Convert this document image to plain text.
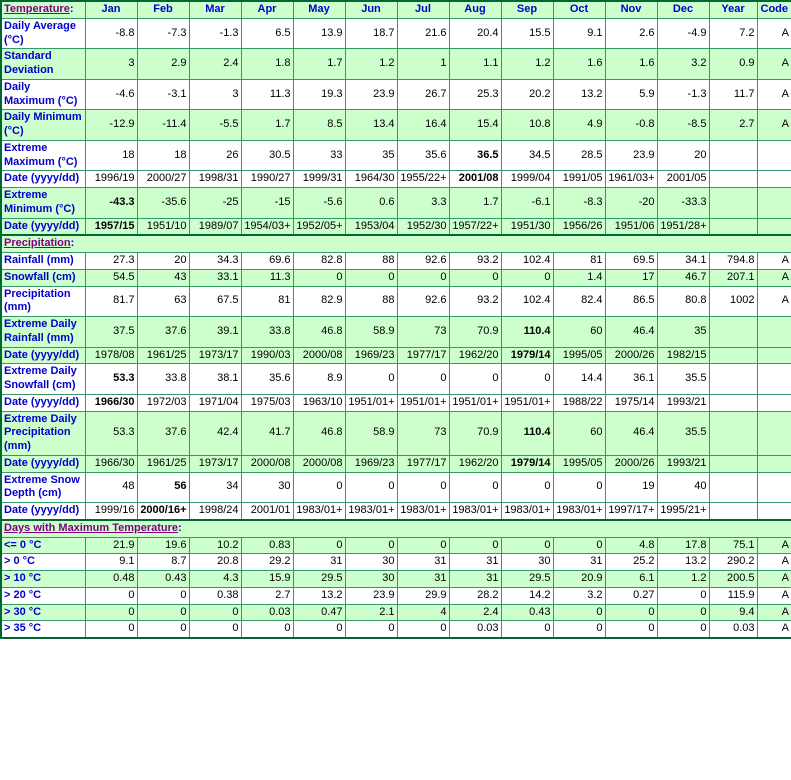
Temperature:	Jan	Feb	Mar	Apr	May	Jun	Jul	Aug	Sep	Oct	Nov	Dec	Year	Code
Daily Average (°C)	-8.8	-7.3	-1.3	6.5	13.9	18.7	21.6	20.4	15.5	9.1	2.6	-4.9	7.2	A
Standard Deviation	3	2.9	2.4	1.8	1.7	1.2	1	1.1	1.2	1.6	1.6	3.2	0.9	A
Daily Maximum (°C)	-4.6	-3.1	3	11.3	19.3	23.9	26.7	25.3	20.2	13.2	5.9	-1.3	11.7	A
Daily Minimum (°C)	-12.9	-11.4	-5.5	1.7	8.5	13.4	16.4	15.4	10.8	4.9	-0.8	-8.5	2.7	A
Extreme Maximum (°C)	18	18	26	30.5	33	35	35.6	36.5	34.5	28.5	23.9	20		
Date (yyyy/dd)	1996/19	2000/27	1998/31	1990/27	1999/31	1964/30	1955/22+	2001/08	1999/04	1991/05	1961/03+	2001/05		
Extreme Minimum (°C)	-43.3	-35.6	-25	-15	-5.6	0.6	3.3	1.7	-6.1	-8.3	-20	-33.3		
Date (yyyy/dd)	1957/15	1951/10	1989/07	1954/03+	1952/05+	1953/04	1952/30	1957/22+	1951/30	1956/26	1951/06	1951/28+		
Precipitation:														
Rainfall (mm)	27.3	20	34.3	69.6	82.8	88	92.6	93.2	102.4	81	69.5	34.1	794.8	A
Snowfall (cm)	54.5	43	33.1	11.3	0	0	0	0	0	1.4	17	46.7	207.1	A
Precipitation (mm)	81.7	63	67.5	81	82.9	88	92.6	93.2	102.4	82.4	86.5	80.8	1002	A
Extreme Daily Rainfall (mm)	37.5	37.6	39.1	33.8	46.8	58.9	73	70.9	110.4	60	46.4	35		
Date (yyyy/dd)	1978/08	1961/25	1973/17	1990/03	2000/08	1969/23	1977/17	1962/20	1979/14	1995/05	2000/26	1982/15		
Extreme Daily Snowfall (cm)	53.3	33.8	38.1	35.6	8.9	0	0	0	0	14.4	36.1	35.5		
Date (yyyy/dd)	1966/30	1972/03	1971/04	1975/03	1963/10	1951/01+	1951/01+	1951/01+	1951/01+	1988/22	1975/14	1993/21		
Extreme Daily Precipitation (mm)	53.3	37.6	42.4	41.7	46.8	58.9	73	70.9	110.4	60	46.4	35.5		
Date (yyyy/dd)	1966/30	1961/25	1973/17	2000/08	2000/08	1969/23	1977/17	1962/20	1979/14	1995/05	2000/26	1993/21		
Extreme Snow Depth (cm)	48	56	34	30	0	0	0	0	0	0	19	40		
Date (yyyy/dd)	1999/16	2000/16+	1998/24	2001/01	1983/01+	1983/01+	1983/01+	1983/01+	1983/01+	1983/01+	1997/17+	1995/21+		
Days with Maximum Temperature:														
<= 0 °C	21.9	19.6	10.2	0.83	0	0	0	0	0	0	4.8	17.8	75.1	A
> 0 °C	9.1	8.7	20.8	29.2	31	30	31	31	30	31	25.2	13.2	290.2	A
> 10 °C	0.48	0.43	4.3	15.9	29.5	30	31	31	29.5	20.9	6.1	1.2	200.5	A
> 20 °C	0	0	0.38	2.7	13.2	23.9	29.9	28.2	14.2	3.2	0.27	0	115.9	A
> 30 °C	0	0	0	0.03	0.47	2.1	4	2.4	0.43	0	0	0	9.4	A
> 35 °C	0	0	0	0	0	0	0	0.03	0	0	0	0	0.03	A
